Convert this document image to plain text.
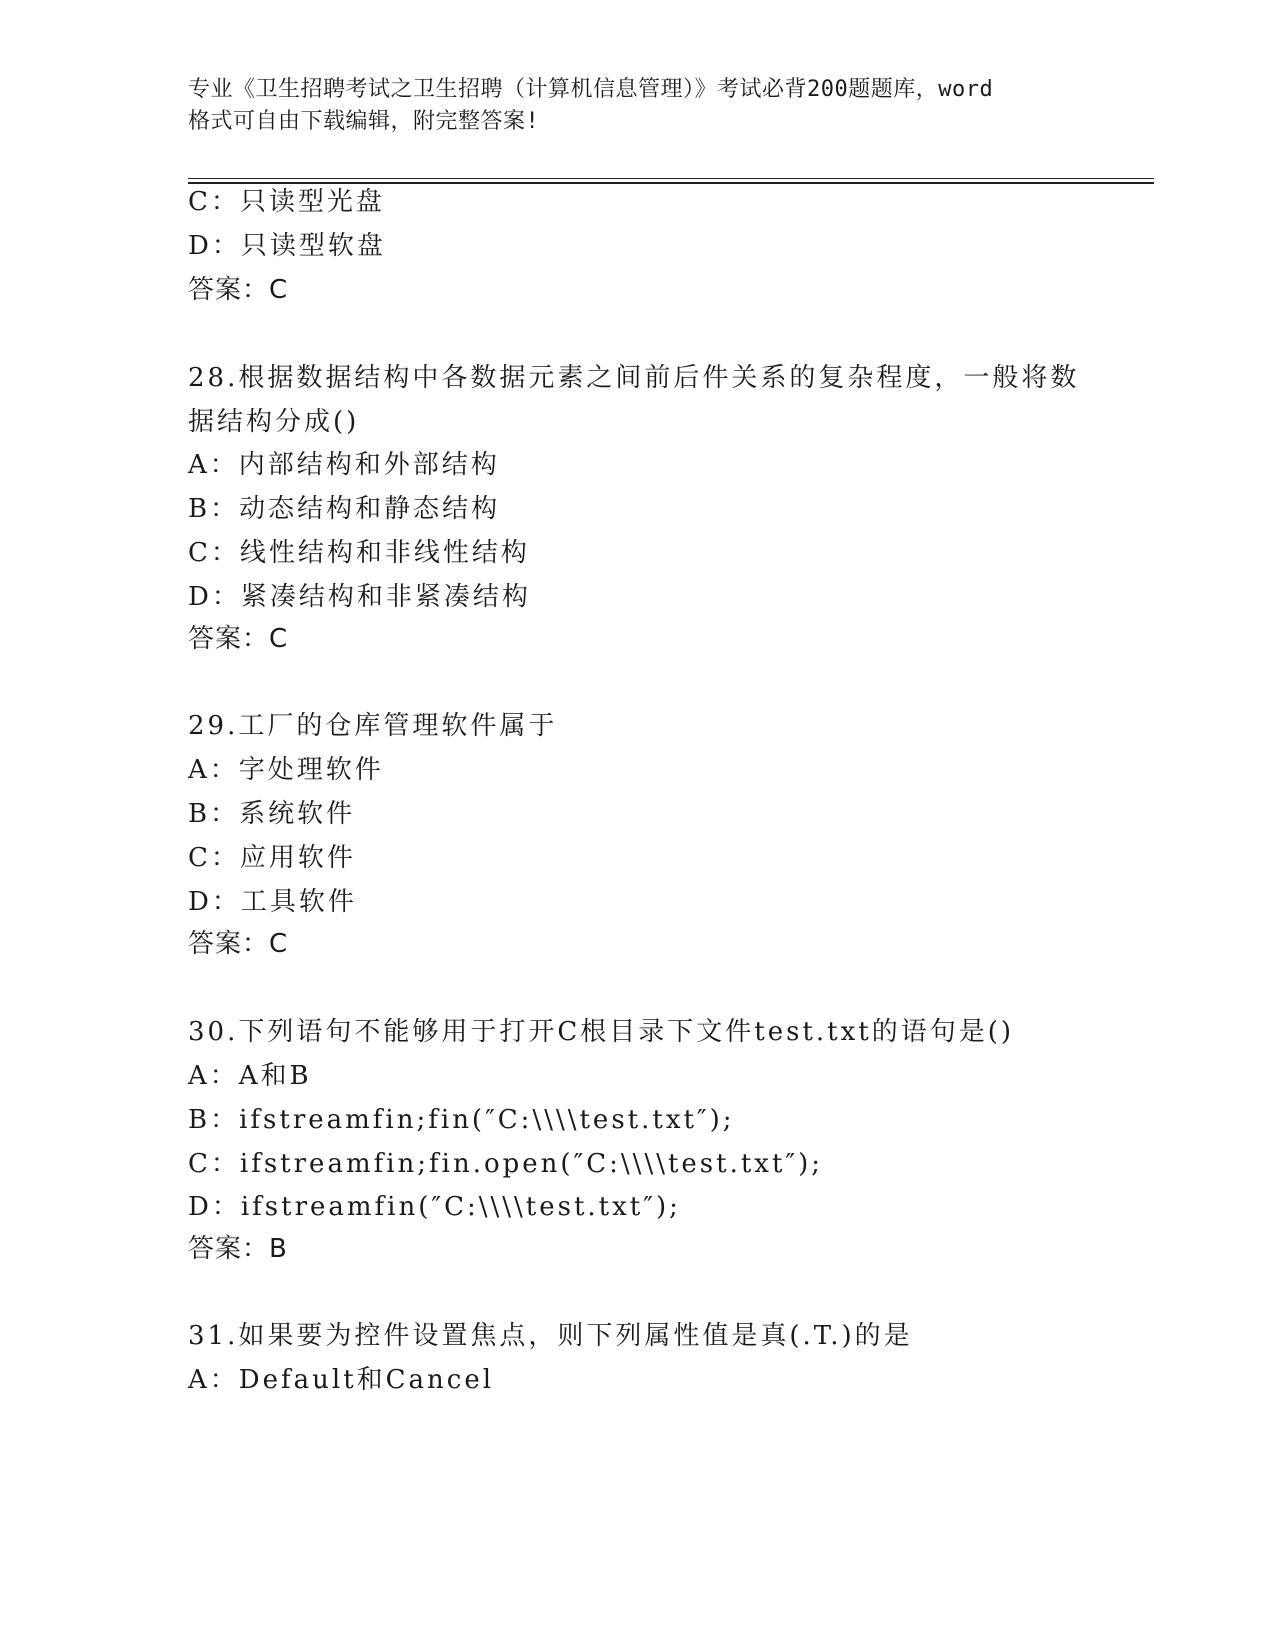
专业《卫生招聘考试之卫生招聘（计算机信息管理）》考试必背200题题库，word
格式可自由下载编辑，附完整答案!
C：只读型光盘
D：只读型软盘
答案：C
28.根据数据结构中各数据元素之间前后件关系的复杂程度，一般将数
据结构分成()
A：内部结构和外部结构
B：动态结构和静态结构
C：线性结构和非线性结构
D：紧凑结构和非紧凑结构
答案：C
29.工厂的仓库管理软件属于
A：字处理软件
B：系统软件
C：应用软件
D：工具软件
答案：C
30.下列语句不能够用于打开C根目录下文件test.txt的语句是()
A：A和B
B：ifstreamfin;fin(″C:\\\\test.txt″);
C：ifstreamfin;fin.open(″C:\\\\test.txt″);
D：ifstreamfin(″C:\\\\test.txt″);
答案：B
31.如果要为控件设置焦点，则下列属性值是真(.T.)的是
A：Default和Cancel
